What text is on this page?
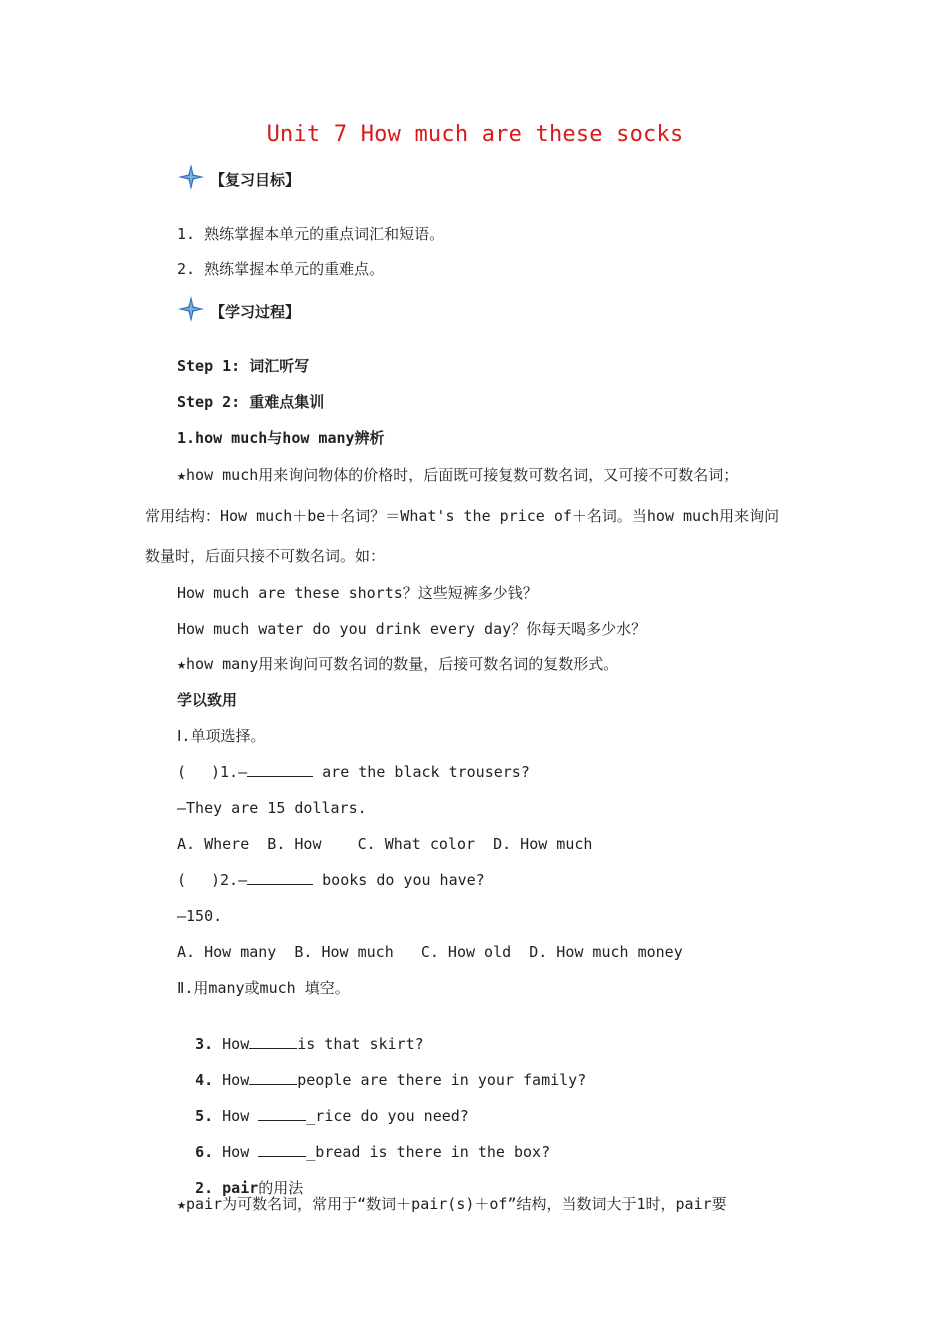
Unit 7 How much are these socks
【复习目标】
1. 熟练掌握本单元的重点词汇和短语。
2. 熟练掌握本单元的重难点。
【学习过程】
Step 1: 词汇听写
Step 2: 重难点集训
1.how much与how many辨析
★how much用来询问物体的价格时，后面既可接复数可数名词，又可接不可数名词；
常用结构：How much＋be＋名词？＝What's the price of＋名词。当how much用来询问
数量时，后面只接不可数名词。如：
How much are these shorts？这些短裤多少钱？
How much water do you drink every day？你每天喝多少水？
★how many用来询问可数名词的数量，后接可数名词的复数形式。
学以致用
Ⅰ.单项选择。
( )1.—	are the black trousers?
—They are 15 dollars.
A. Where  B. How    C. What color  D. How much
( )2.—	books do you have?
—150.
A. How many  B. How much   C. How old  D. How much money
Ⅱ.用many或much 填空。

3. How	is that skirt?

4. How	people are there in your family?

5. How	_rice do you need?

6. How	_bread is there in the box?

2. pair的用法

★pair为可数名词，常用于“数词＋pair(s)＋of”结构，当数词大于1时，pair要
